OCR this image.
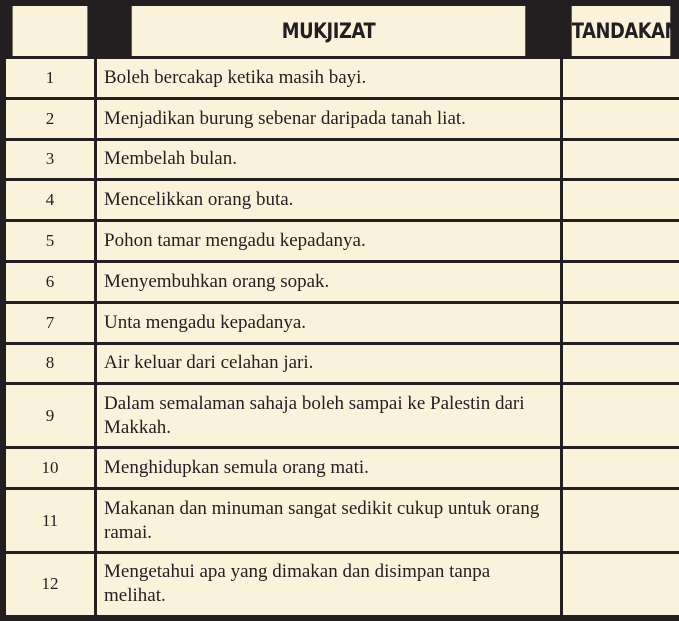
	MUKJIZAT	TANDAKAN
1	Boleh bercakap ketika masih bayi.	
2	Menjadikan burung sebenar daripada tanah liat.	
3	Membelah bulan.	
4	Mencelikkan orang buta.	
5	Pohon tamar mengadu kepadanya.	
6	Menyembuhkan orang sopak.	
7	Unta mengadu kepadanya.	
8	Air keluar dari celahan jari.	
9	Dalam semalaman sahaja boleh sampai ke Palestin dari Makkah.	
10	Menghidupkan semula orang mati.	
11	Makanan dan minuman sangat sedikit cukup untuk orang ramai.	
12	Mengetahui apa yang dimakan dan disimpan tanpa melihat.	
